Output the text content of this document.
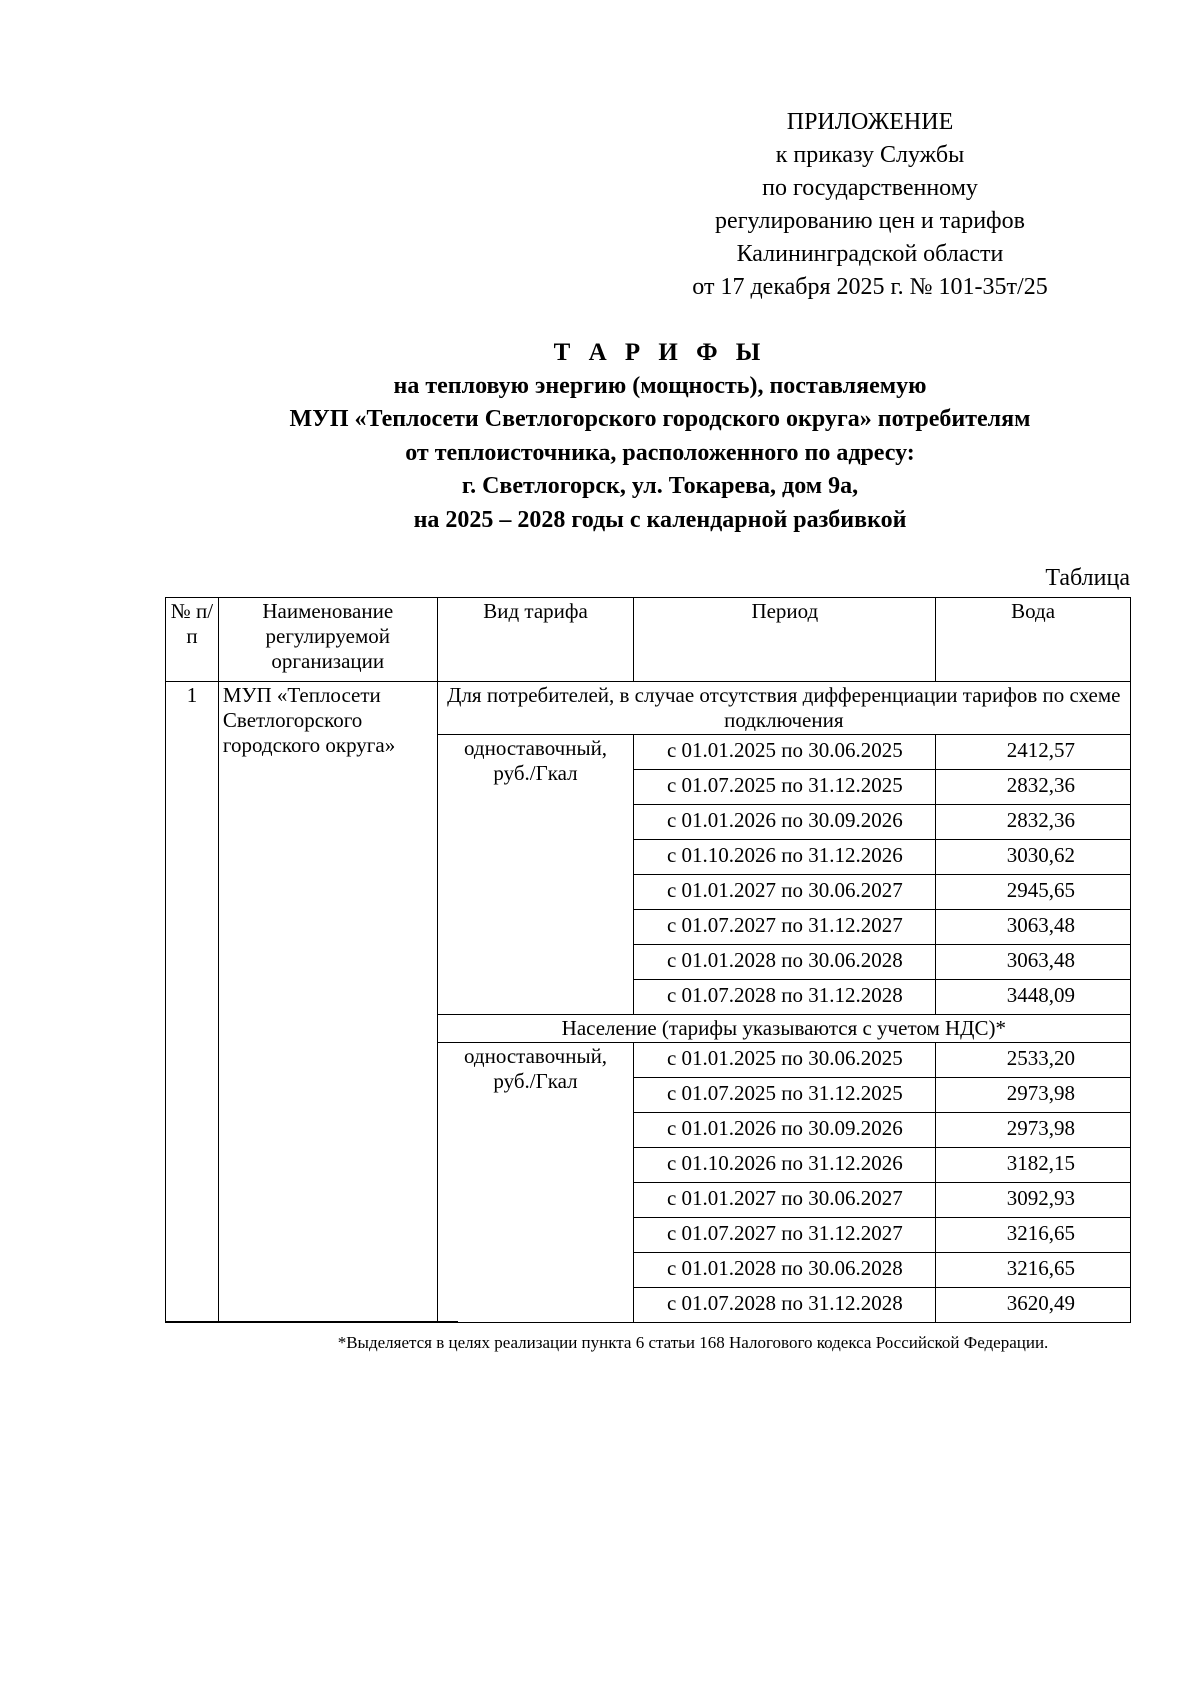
ПРИЛОЖЕНИЕ
к приказу Службы
по государственному
регулированию цен и тарифов
Калининградской области
от 17 декабря 2025 г. № 101-35т/25
Т А Р И Ф Ы
на тепловую энергию (мощность), поставляемую
МУП «Теплосети Светлогорского городского округа» потребителям
от теплоисточника, расположенного по адресу:
г. Светлогорск, ул. Токарева, дом 9а,
на 2025 – 2028 годы с календарной разбивкой
Таблица
№ п/п	Наименование регулируемой организации	Вид тарифа	Период	Вода
1	МУП «Теплосети Светлогорского городского округа»	Для потребителей, в случае отсутствия дифференциации тарифов по схеме подключения		
		одноставочный, руб./Гкал	с 01.01.2025 по 30.06.2025	2412,57
			с 01.07.2025 по 31.12.2025	2832,36
			с 01.01.2026 по 30.09.2026	2832,36
			с 01.10.2026 по 31.12.2026	3030,62
			с 01.01.2027 по 30.06.2027	2945,65
			с 01.07.2027 по 31.12.2027	3063,48
			с 01.01.2028 по 30.06.2028	3063,48
			с 01.07.2028 по 31.12.2028	3448,09
		Население (тарифы указываются с учетом НДС)*		
		одноставочный, руб./Гкал	с 01.01.2025 по 30.06.2025	2533,20
			с 01.07.2025 по 31.12.2025	2973,98
			с 01.01.2026 по 30.09.2026	2973,98
			с 01.10.2026 по 31.12.2026	3182,15
			с 01.01.2027 по 30.06.2027	3092,93
			с 01.07.2027 по 31.12.2027	3216,65
			с 01.01.2028 по 30.06.2028	3216,65
			с 01.07.2028 по 31.12.2028	3620,49
*Выделяется в целях реализации пункта 6 статьи 168 Налогового кодекса Российской Федерации.
